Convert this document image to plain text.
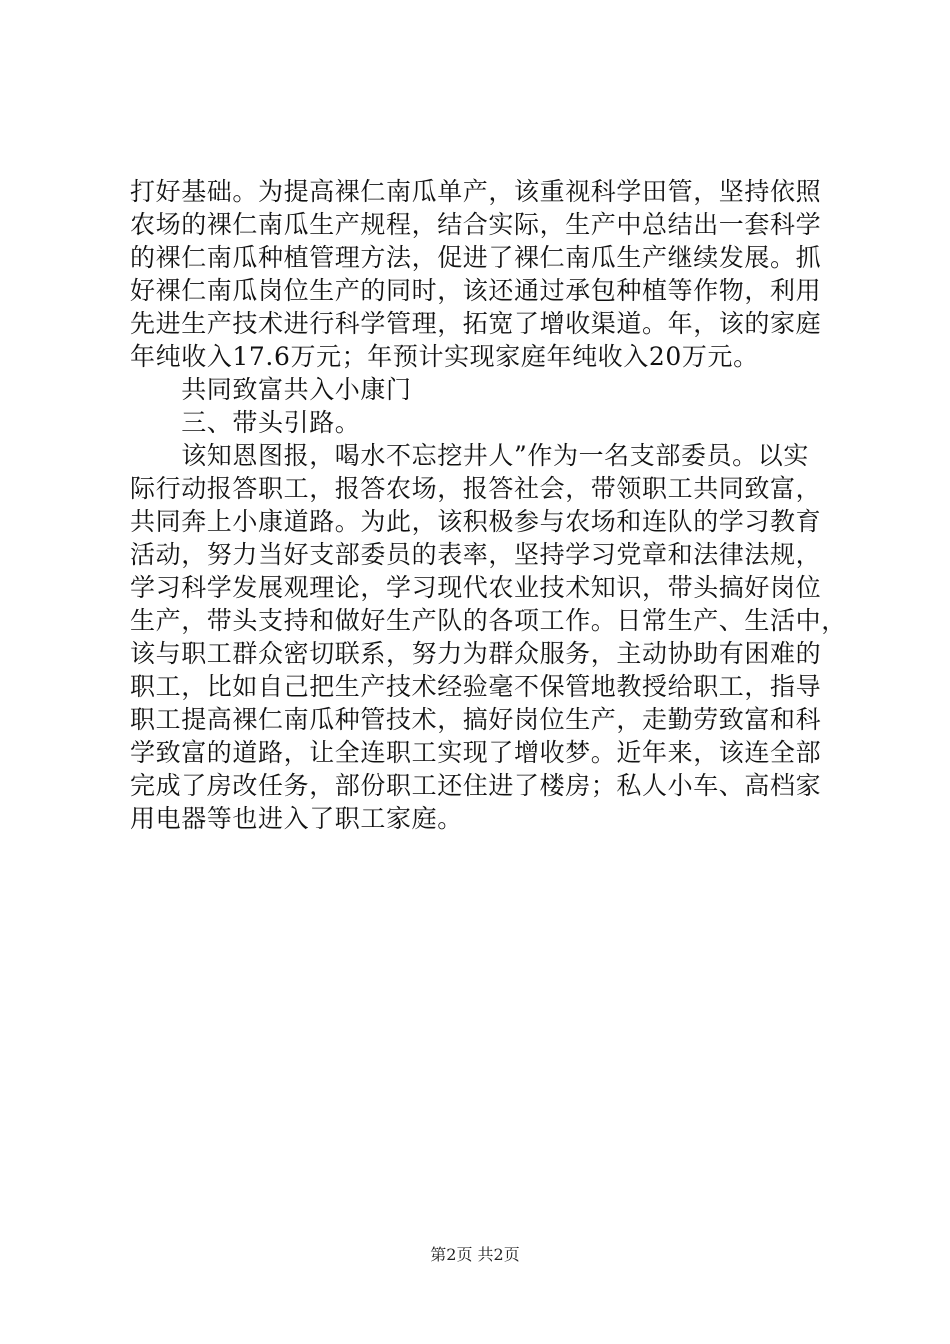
打好基础。为提高裸仁南瓜单产，该重视科学田管，坚持依照
农场的裸仁南瓜生产规程，结合实际，生产中总结出一套科学
的裸仁南瓜种植管理方法，促进了裸仁南瓜生产继续发展。抓
好裸仁南瓜岗位生产的同时，该还通过承包种植等作物，利用
先进生产技术进行科学管理，拓宽了增收渠道。年，该的家庭
年纯收入17.6万元；年预计实现家庭年纯收入20万元。
　　共同致富共入小康门
　　三、带头引路。
　　该知恩图报，喝水不忘挖井人”作为一名支部委员。以实
际行动报答职工，报答农场，报答社会，带领职工共同致富，
共同奔上小康道路。为此，该积极参与农场和连队的学习教育
活动，努力当好支部委员的表率，坚持学习党章和法律法规，
学习科学发展观理论，学习现代农业技术知识，带头搞好岗位
生产，带头支持和做好生产队的各项工作。日常生产、生活中，
该与职工群众密切联系，努力为群众服务，主动协助有困难的
职工，比如自己把生产技术经验毫不保管地教授给职工，指导
职工提高裸仁南瓜种管技术，搞好岗位生产，走勤劳致富和科
学致富的道路，让全连职工实现了增收梦。近年来，该连全部
完成了房改任务，部份职工还住进了楼房；私人小车、高档家
用电器等也进入了职工家庭。
第2页 共2页
